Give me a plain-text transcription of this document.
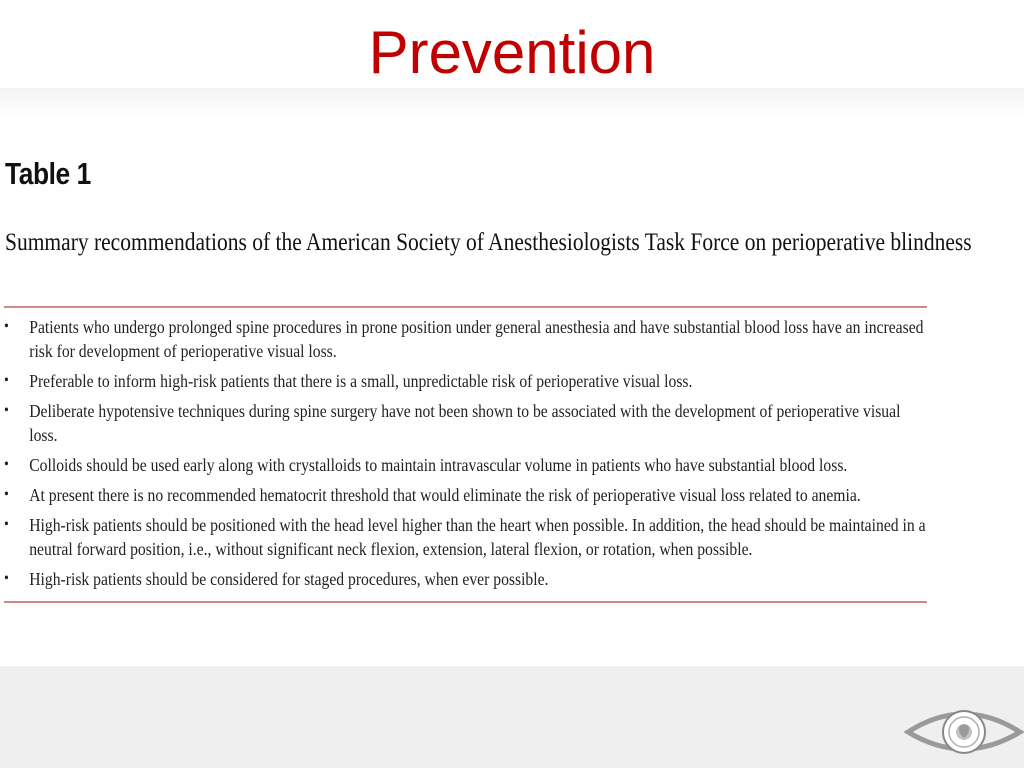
Prevention
Table 1
Summary recommendations of the American Society of Anesthesiologists Task Force on perioperative blindness
• Patients who undergo prolonged spine procedures in prone position under general anesthesia and have substantial blood loss have an increased risk for development of perioperative visual loss.
• Preferable to inform high-risk patients that there is a small, unpredictable risk of perioperative visual loss.
• Deliberate hypotensive techniques during spine surgery have not been shown to be associated with the development of perioperative visual loss.
• Colloids should be used early along with crystalloids to maintain intravascular volume in patients who have substantial blood loss.
• At present there is no recommended hematocrit threshold that would eliminate the risk of perioperative visual loss related to anemia.
• High-risk patients should be positioned with the head level higher than the heart when possible. In addition, the head should be maintained in a neutral forward position, i.e., without significant neck flexion, extension, lateral flexion, or rotation, when possible.
• High-risk patients should be considered for staged procedures, when ever possible.
